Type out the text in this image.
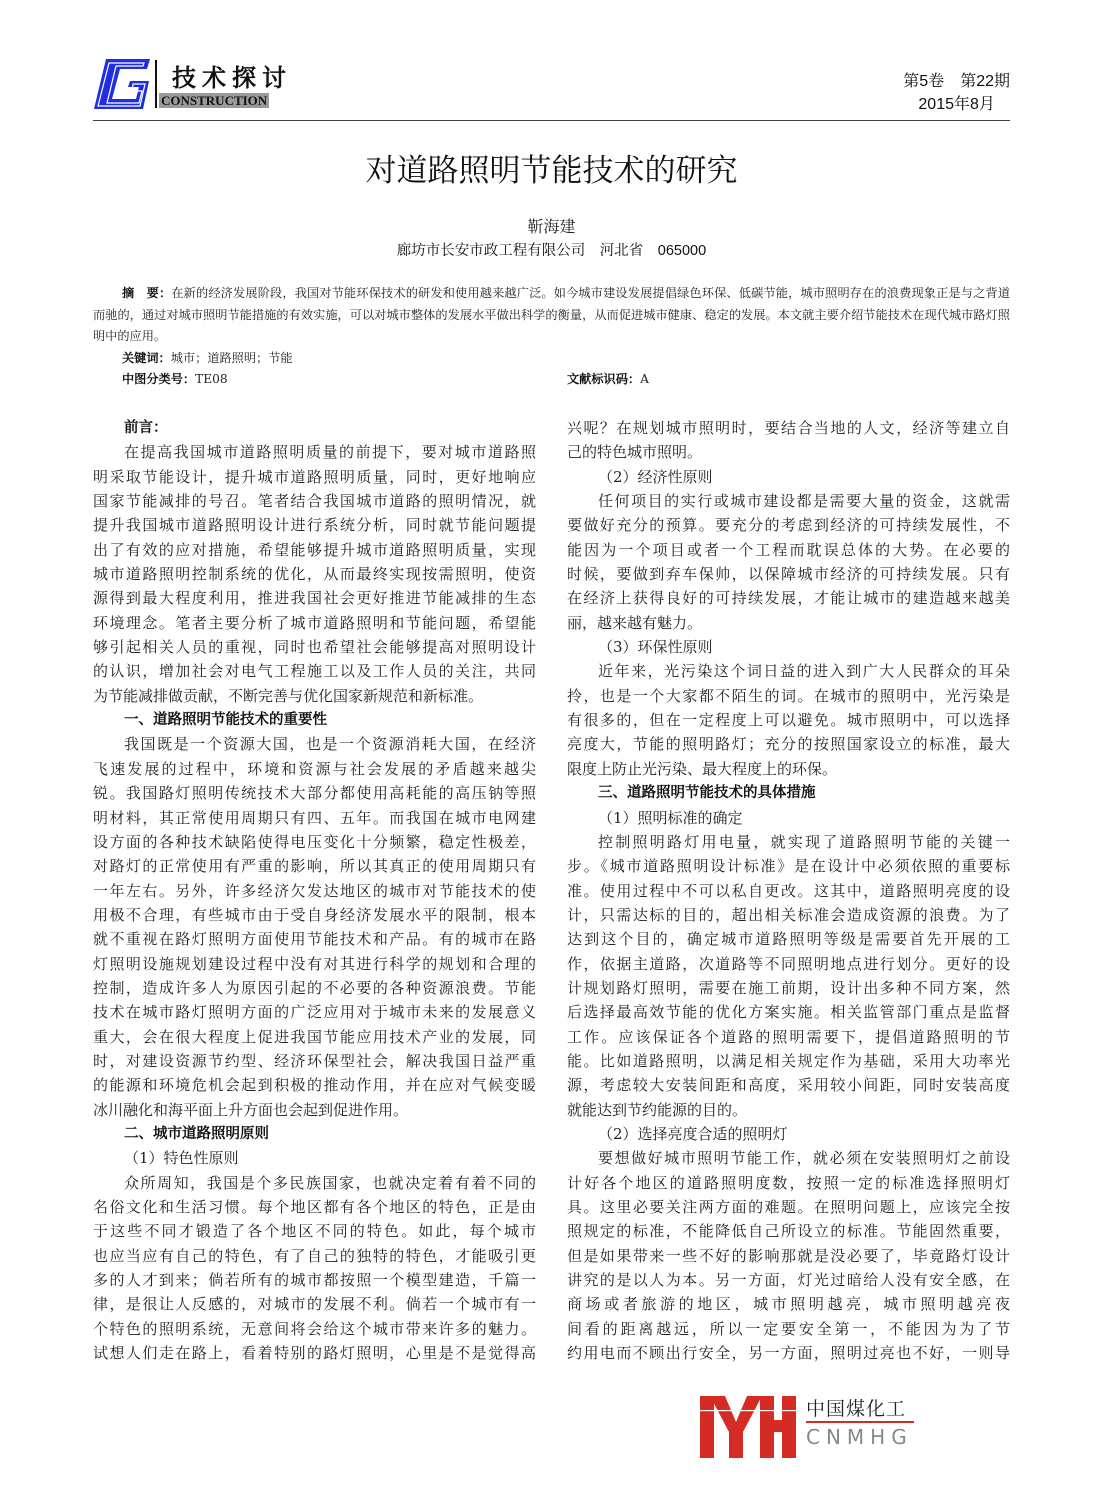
技术探讨
CONSTRUCTION
第5卷　第22期
2015年8月
对道路照明节能技术的研究
靳海建
廊坊市长安市政工程有限公司　河北省　065000
摘　要：在新的经济发展阶段，我国对节能环保技术的研发和使用越来越广泛。如今城市建设发展提倡绿色环保、低碳节能，城市照明存在的浪费现象正是与之背道而驰的，通过对城市照明节能措施的有效实施，可以对城市整体的发展水平做出科学的衡量，从而促进城市健康、稳定的发展。本文就主要介绍节能技术在现代城市路灯照明中的应用。
关键词：城市；道路照明；节能
中图分类号：TE08	文献标识码：A
前言：
在提高我国城市道路照明质量的前提下，要对城市道路照
明采取节能设计，提升城市道路照明质量，同时，更好地响应
国家节能减排的号召。笔者结合我国城市道路的照明情况，就
提升我国城市道路照明设计进行系统分析，同时就节能问题提
出了有效的应对措施，希望能够提升城市道路照明质量，实现
城市道路照明控制系统的优化，从而最终实现按需照明，使资
源得到最大程度利用，推进我国社会更好推进节能减排的生态
环境理念。笔者主要分析了城市道路照明和节能问题，希望能
够引起相关人员的重视，同时也希望社会能够提高对照明设计
的认识，增加社会对电气工程施工以及工作人员的关注，共同
为节能减排做贡献，不断完善与优化国家新规范和新标准。
一、道路照明节能技术的重要性
我国既是一个资源大国，也是一个资源消耗大国，在经济
飞速发展的过程中，环境和资源与社会发展的矛盾越来越尖
锐。我国路灯照明传统技术大部分都使用高耗能的高压钠等照
明材料，其正常使用周期只有四、五年。而我国在城市电网建
设方面的各种技术缺陷使得电压变化十分频繁，稳定性极差，
对路灯的正常使用有严重的影响，所以其真正的使用周期只有
一年左右。另外，许多经济欠发达地区的城市对节能技术的使
用极不合理，有些城市由于受自身经济发展水平的限制，根本
就不重视在路灯照明方面使用节能技术和产品。有的城市在路
灯照明设施规划建设过程中没有对其进行科学的规划和合理的
控制，造成许多人为原因引起的不必要的各种资源浪费。节能
技术在城市路灯照明方面的广泛应用对于城市未来的发展意义
重大，会在很大程度上促进我国节能应用技术产业的发展，同
时，对建设资源节约型、经济环保型社会，解决我国日益严重
的能源和环境危机会起到积极的推动作用，并在应对气候变暖
冰川融化和海平面上升方面也会起到促进作用。
二、城市道路照明原则
（1）特色性原则
众所周知，我国是个多民族国家，也就决定着有着不同的
名俗文化和生活习惯。每个地区都有各个地区的特色，正是由
于这些不同才锻造了各个地区不同的特色。如此，每个城市
也应当应有自己的特色，有了自己的独特的特色，才能吸引更
多的人才到来；倘若所有的城市都按照一个模型建造，千篇一
律，是很让人反感的，对城市的发展不利。倘若一个城市有一
个特色的照明系统，无意间将会给这个城市带来许多的魅力。
试想人们走在路上，看着特别的路灯照明，心里是不是觉得高
兴呢？在规划城市照明时，要结合当地的人文，经济等建立自
己的特色城市照明。
（2）经济性原则
任何项目的实行或城市建设都是需要大量的资金，这就需
要做好充分的预算。要充分的考虑到经济的可持续发展性，不
能因为一个项目或者一个工程而耽误总体的大势。在必要的
时候，要做到弃车保帅，以保障城市经济的可持续发展。只有
在经济上获得良好的可持续发展，才能让城市的建造越来越美
丽，越来越有魅力。
（3）环保性原则
近年来，光污染这个词日益的进入到广大人民群众的耳朵
拎，也是一个大家都不陌生的词。在城市的照明中，光污染是
有很多的，但在一定程度上可以避免。城市照明中，可以选择
亮度大，节能的照明路灯；充分的按照国家设立的标准，最大
限度上防止光污染、最大程度上的环保。
三、道路照明节能技术的具体措施
（1）照明标准的确定
控制照明路灯用电量，就实现了道路照明节能的关键一
步。《城市道路照明设计标准》是在设计中必须依照的重要标
准。使用过程中不可以私自更改。这其中，道路照明亮度的设
计，只需达标的目的，超出相关标准会造成资源的浪费。为了
达到这个目的，确定城市道路照明等级是需要首先开展的工
作，依据主道路，次道路等不同照明地点进行划分。更好的设
计规划路灯照明，需要在施工前期，设计出多种不同方案，然
后选择最高效节能的优化方案实施。相关监管部门重点是监督
工作。应该保证各个道路的照明需要下，提倡道路照明的节
能。比如道路照明，以满足相关规定作为基础，采用大功率光
源，考虑较大安装间距和高度，采用较小间距，同时安装高度
就能达到节约能源的目的。
（2）选择亮度合适的照明灯
要想做好城市照明节能工作，就必须在安装照明灯之前设
计好各个地区的道路照明度数，按照一定的标准选择照明灯
具。这里必要关注两方面的难题。在照明问题上，应该完全按
照规定的标准，不能降低自己所设立的标准。节能固然重要，
但是如果带来一些不好的影响那就是没必要了，毕竟路灯设计
讲究的是以人为本。另一方面，灯光过暗给人没有安全感，在
商场或者旅游的地区，城市照明越亮，城市照明越亮夜
间看的距离越远，所以一定要安全第一，不能因为为了节
约用电而不顾出行安全，另一方面，照明过亮也不好，一则导
中国煤化工
CNMHG
